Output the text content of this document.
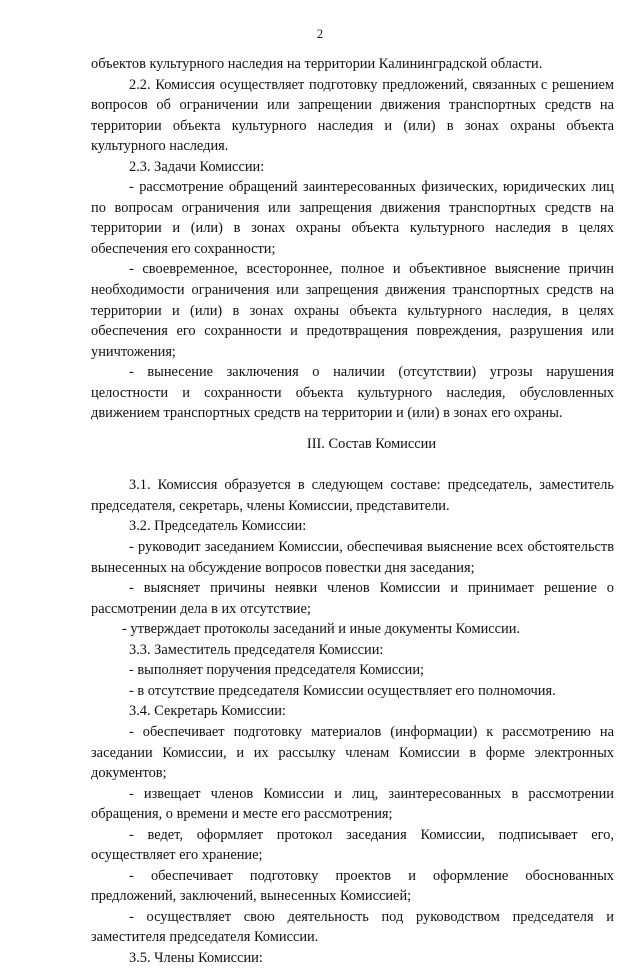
2

объектов культурного наследия на территории Калининградской области.

2.2. Комиссия осуществляет подготовку предложений, связанных с решением вопросов об ограничении или запрещении движения транспортных средств на территории объекта культурного наследия и (или) в зонах охраны объекта культурного наследия.

2.3. Задачи Комиссии:

- рассмотрение обращений заинтересованных физических, юридических лиц по вопросам ограничения или запрещения движения транспортных средств на территории и (или) в зонах охраны объекта культурного наследия в целях обеспечения его сохранности;

- своевременное, всестороннее, полное и объективное выяснение причин необходимости ограничения или запрещения движения транспортных средств на территории и (или) в зонах охраны объекта культурного наследия, в целях обеспечения его сохранности и предотвращения повреждения, разрушения или уничтожения;

- вынесение заключения о наличии (отсутствии) угрозы нарушения целостности и сохранности объекта культурного наследия, обусловленных движением транспортных средств на территории и (или) в зонах его охраны.

III. Состав Комиссии

3.1. Комиссия образуется в следующем составе: председатель, заместитель председателя, секретарь, члены Комиссии, представители.

3.2. Председатель Комиссии:

- руководит заседанием Комиссии, обеспечивая выяснение всех обстоятельств вынесенных на обсуждение вопросов повестки дня заседания;

- выясняет причины неявки членов Комиссии и принимает решение о рассмотрении дела в их отсутствие;

- утверждает протоколы заседаний и иные документы Комиссии.

3.3. Заместитель председателя Комиссии:

- выполняет поручения председателя Комиссии;

- в отсутствие председателя Комиссии осуществляет его полномочия.

3.4. Секретарь Комиссии:

- обеспечивает подготовку материалов (информации) к рассмотрению на заседании Комиссии, и их рассылку членам Комиссии в форме электронных документов;

- извещает членов Комиссии и лиц, заинтересованных в рассмотрении обращения, о времени и месте его рассмотрения;

- ведет, оформляет протокол заседания Комиссии, подписывает его, осуществляет его хранение;

- обеспечивает подготовку проектов и оформление обоснованных предложений, заключений, вынесенных Комиссией;

- осуществляет свою деятельность под руководством председателя и заместителя председателя Комиссии.

3.5. Члены Комиссии:
